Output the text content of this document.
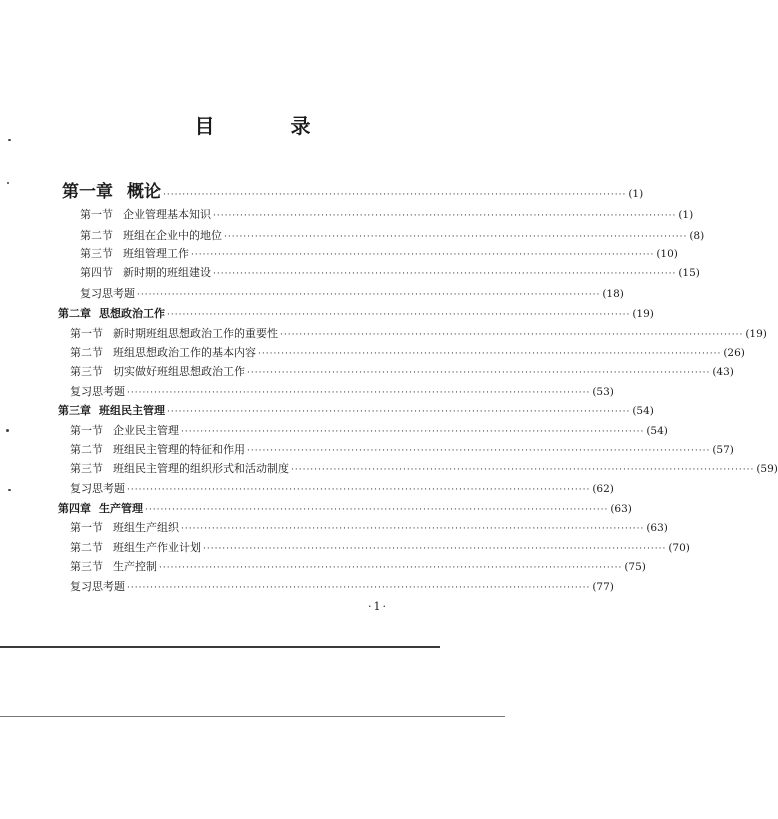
目　录
第一章 概论 ························································································································ (1)
第一节 企业管理基本知识 ························································································································ (1)
第二节 班组在企业中的地位 ························································································································ (8)
第三节 班组管理工作 ························································································································ (10)
第四节 新时期的班组建设 ························································································································ (15)
复习思考题 ························································································································ (18)
第二章 思想政治工作 ························································································································ (19)
第一节 新时期班组思想政治工作的重要性 ························································································································ (19)
第二节 班组思想政治工作的基本内容 ························································································································ (26)
第三节 切实做好班组思想政治工作 ························································································································ (43)
复习思考题 ························································································································ (53)
第三章 班组民主管理 ························································································································ (54)
第一节 企业民主管理 ························································································································ (54)
第二节 班组民主管理的特征和作用 ························································································································ (57)
第三节 班组民主管理的组织形式和活动制度 ························································································································ (59)
复习思考题 ························································································································ (62)
第四章 生产管理 ························································································································ (63)
第一节 班组生产组织 ························································································································ (63)
第二节 班组生产作业计划 ························································································································ (70)
第三节 生产控制 ························································································································ (75)
复习思考题 ························································································································ (77)
·1·
